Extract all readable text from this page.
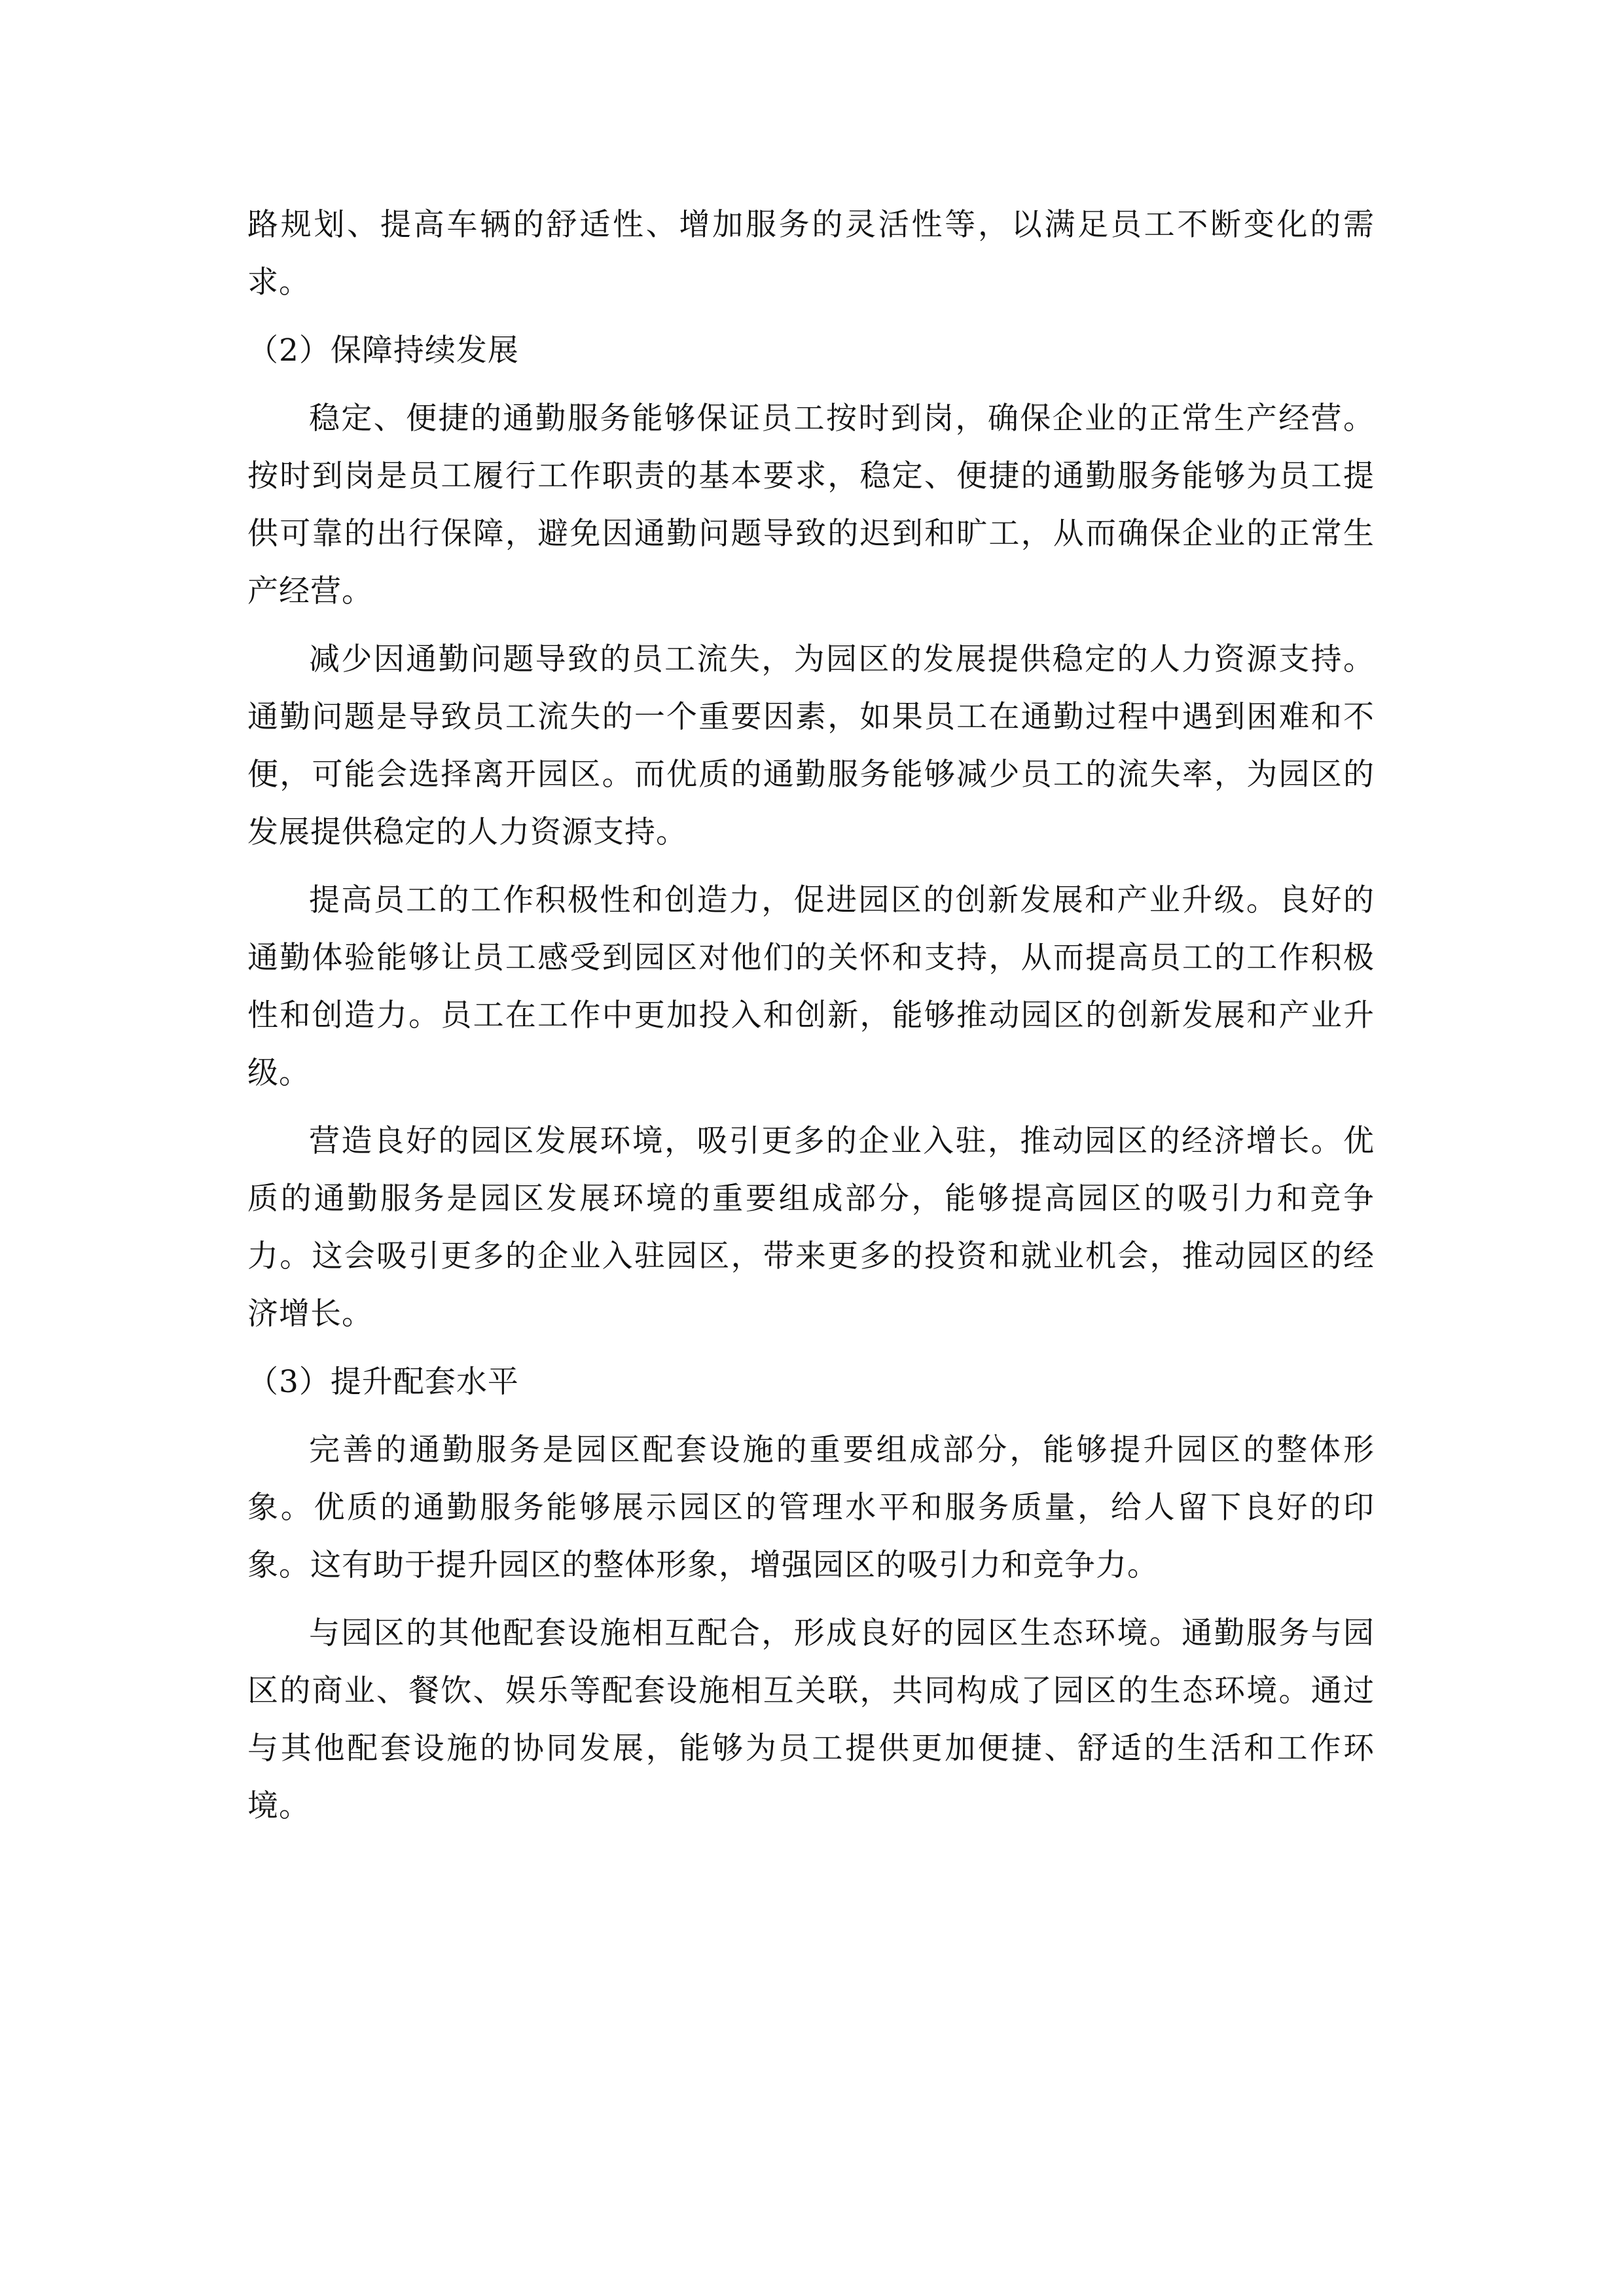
路规划、提高车辆的舒适性、增加服务的灵活性等，以满足员工不断变化的需求。

（2）保障持续发展

稳定、便捷的通勤服务能够保证员工按时到岗，确保企业的正常生产经营。按时到岗是员工履行工作职责的基本要求，稳定、便捷的通勤服务能够为员工提供可靠的出行保障，避免因通勤问题导致的迟到和旷工，从而确保企业的正常生产经营。

减少因通勤问题导致的员工流失，为园区的发展提供稳定的人力资源支持。通勤问题是导致员工流失的一个重要因素，如果员工在通勤过程中遇到困难和不便，可能会选择离开园区。而优质的通勤服务能够减少员工的流失率，为园区的发展提供稳定的人力资源支持。

提高员工的工作积极性和创造力，促进园区的创新发展和产业升级。良好的通勤体验能够让员工感受到园区对他们的关怀和支持，从而提高员工的工作积极性和创造力。员工在工作中更加投入和创新，能够推动园区的创新发展和产业升级。

营造良好的园区发展环境，吸引更多的企业入驻，推动园区的经济增长。优质的通勤服务是园区发展环境的重要组成部分，能够提高园区的吸引力和竞争力。这会吸引更多的企业入驻园区，带来更多的投资和就业机会，推动园区的经济增长。

（3）提升配套水平

完善的通勤服务是园区配套设施的重要组成部分，能够提升园区的整体形象。优质的通勤服务能够展示园区的管理水平和服务质量，给人留下良好的印象。这有助于提升园区的整体形象，增强园区的吸引力和竞争力。

与园区的其他配套设施相互配合，形成良好的园区生态环境。通勤服务与园区的商业、餐饮、娱乐等配套设施相互关联，共同构成了园区的生态环境。通过与其他配套设施的协同发展，能够为员工提供更加便捷、舒适的生活和工作环境。
